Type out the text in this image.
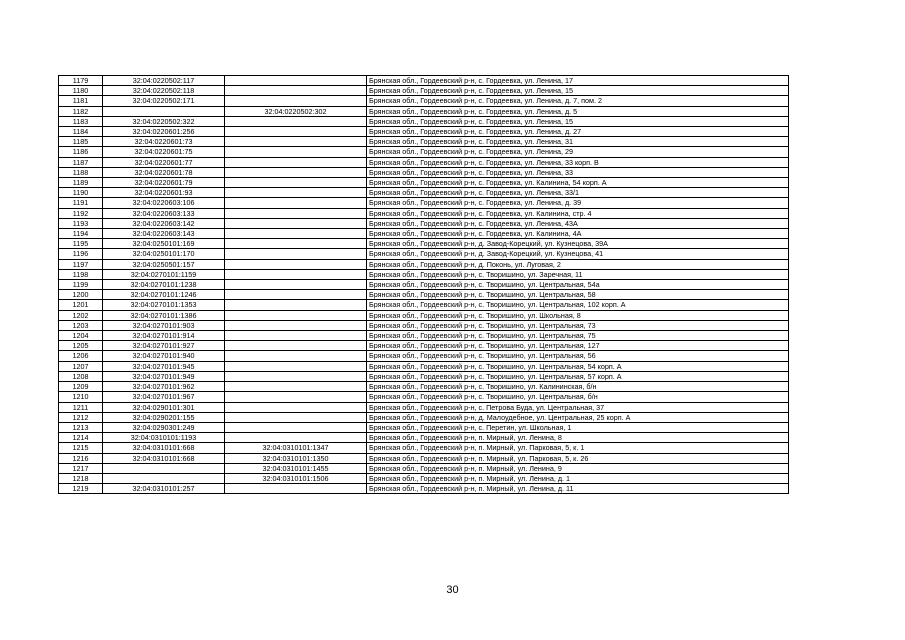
1179	32:04:0220502:117		Брянская обл., Гордеевский р-н, с. Гордеевка, ул. Ленина, 17
1180	32:04:0220502:118		Брянская обл., Гордеевский р-н, с. Гордеевка, ул. Ленина, 15
1181	32:04:0220502:171		Брянская обл., Гордеевский р-н, с. Гордеевка, ул. Ленина, д. 7, пом. 2
1182		32:04:0220502:302	Брянская обл., Гордеевский р-н, с. Гордеевка, ул. Ленина, д. 5
1183	32:04:0220502:322		Брянская обл., Гордеевский р-н, с. Гордеевка, ул. Ленина, 15
1184	32:04:0220601:256		Брянская обл., Гордеевский р-н, с. Гордеевка, ул. Ленина, д. 27
1185	32:04:0220601:73		Брянская обл., Гордеевский р-н, с. Гордеевка, ул. Ленина, 31
1186	32:04:0220601:75		Брянская обл., Гордеевский р-н, с. Гордеевка, ул. Ленина, 29
1187	32:04:0220601:77		Брянская обл., Гордеевский р-н, с. Гордеевка, ул. Ленина, 33 корп. В
1188	32:04:0220601:78		Брянская обл., Гордеевский р-н, с. Гордеевка, ул. Ленина, 33
1189	32:04:0220601:79		Брянская обл., Гордеевский р-н, с. Гордеевка, ул. Калинина, 54 корп. А
1190	32:04:0220601:93		Брянская обл., Гордеевский р-н, с. Гордеевка, ул. Ленина, 33/1
1191	32:04:0220603:106		Брянская обл., Гордеевский р-н, с. Гордеевка, ул. Ленина, д. 39
1192	32:04:0220603:133		Брянская обл., Гордеевский р-н, с. Гордеевка, ул. Калинина, стр. 4
1193	32:04:0220603:142		Брянская обл., Гордеевский р-н, с. Гордеевка, ул. Ленина, 43А
1194	32:04:0220603:143		Брянская обл., Гордеевский р-н, с. Гордеевка, ул. Калинина, 4А
1195	32:04:0250101:169		Брянская обл., Гордеевский р-н, д. Завод-Корецкий, ул. Кузнецова, 39А
1196	32:04:0250101:170		Брянская обл., Гордеевский р-н, д. Завод-Корецкий, ул. Кузнецова, 41
1197	32:04:0250501:157		Брянская обл., Гордеевский р-н, д. Поконь, ул. Луговая, 2
1198	32:04:0270101:1159		Брянская обл., Гордеевский р-н, с. Творишино, ул. Заречная, 11
1199	32:04:0270101:1238		Брянская обл., Гордеевский р-н, с. Творишино, ул. Центральная, 54а
1200	32:04:0270101:1246		Брянская обл., Гордеевский р-н, с. Творишино, ул. Центральная, 58
1201	32:04:0270101:1353		Брянская обл., Гордеевский р-н, с. Творишино, ул. Центральная, 102 корп. А
1202	32:04:0270101:1386		Брянская обл., Гордеевский р-н, с. Творишино, ул. Школьная, 8
1203	32:04:0270101:903		Брянская обл., Гордеевский р-н, с. Творишино, ул. Центральная, 73
1204	32:04:0270101:914		Брянская обл., Гордеевский р-н, с. Творишино, ул. Центральная, 75
1205	32:04:0270101:927		Брянская обл., Гордеевский р-н, с. Творишино, ул. Центральная, 127
1206	32:04:0270101:940		Брянская обл., Гордеевский р-н, с. Творишино, ул. Центральная, 56
1207	32:04:0270101:945		Брянская обл., Гордеевский р-н, с. Творишино, ул. Центральная, 54 корп. А
1208	32:04:0270101:949		Брянская обл., Гордеевский р-н, с. Творишино, ул. Центральная, 57 корп. А
1209	32:04:0270101:962		Брянская обл., Гордеевский р-н, с. Творишино, ул. Калининская, б/н
1210	32:04:0270101:967		Брянская обл., Гордеевский р-н, с. Творишино, ул. Центральная, б/н
1211	32:04:0290101:301		Брянская обл., Гордеевский р-н, с. Петрова Буда, ул. Центральная, 37
1212	32:04:0290201:155		Брянская обл., Гордеевский р-н, д. Малоудебное, ул. Центральная, 25 корп. А
1213	32:04:0290301:249		Брянская обл., Гордеевский р-н, с. Перетин, ул. Школьная, 1
1214	32:04:0310101:1193		Брянская обл., Гордеевский р-н, п. Мирный, ул. Ленина, 8
1215	32:04:0310101:668	32:04:0310101:1347	Брянская обл., Гордеевский р-н, п. Мирный, ул. Парковая, 5, к. 1
1216	32:04:0310101:668	32:04:0310101:1350	Брянская обл., Гордеевский р-н, п. Мирный, ул. Парковая, 5, к. 26
1217		32:04:0310101:1455	Брянская обл., Гордеевский р-н, п. Мирный, ул. Ленина, 9
1218		32:04:0310101:1506	Брянская обл., Гордеевский р-н, п. Мирный, ул. Ленина, д. 1
1219	32:04:0310101:257		Брянская обл., Гордеевский р-н, п. Мирный, ул. Ленина, д. 11
30
